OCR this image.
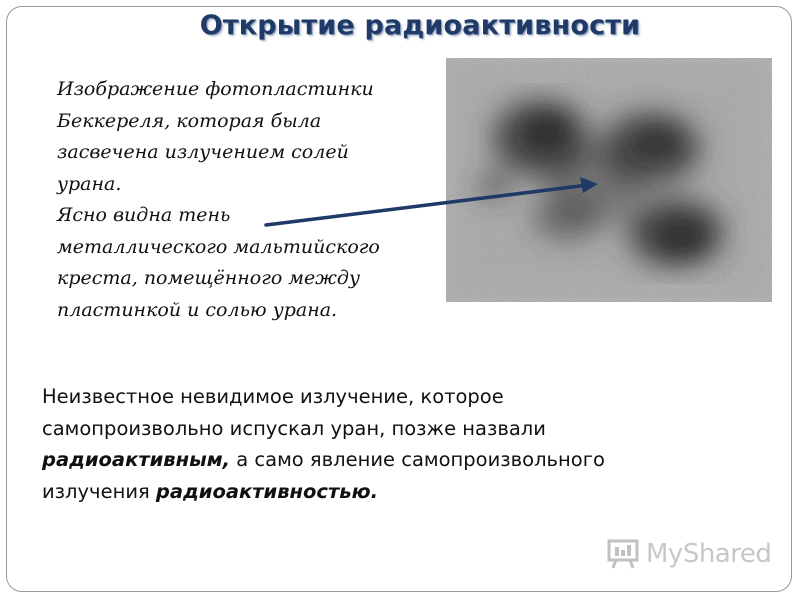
Открытие радиоактивности
Изображение фотопластинки
Беккереля, которая была
засвечена излучением солей
урана.
Ясно видна тень
металлического мальтийского
креста, помещённого между
пластинкой и солью урана.
Неизвестное невидимое излучение, которое
самопроизвольно испускал уран, позже назвали
радиоактивным, а само явление самопроизвольного
излучения радиоактивностью.
MyShared
